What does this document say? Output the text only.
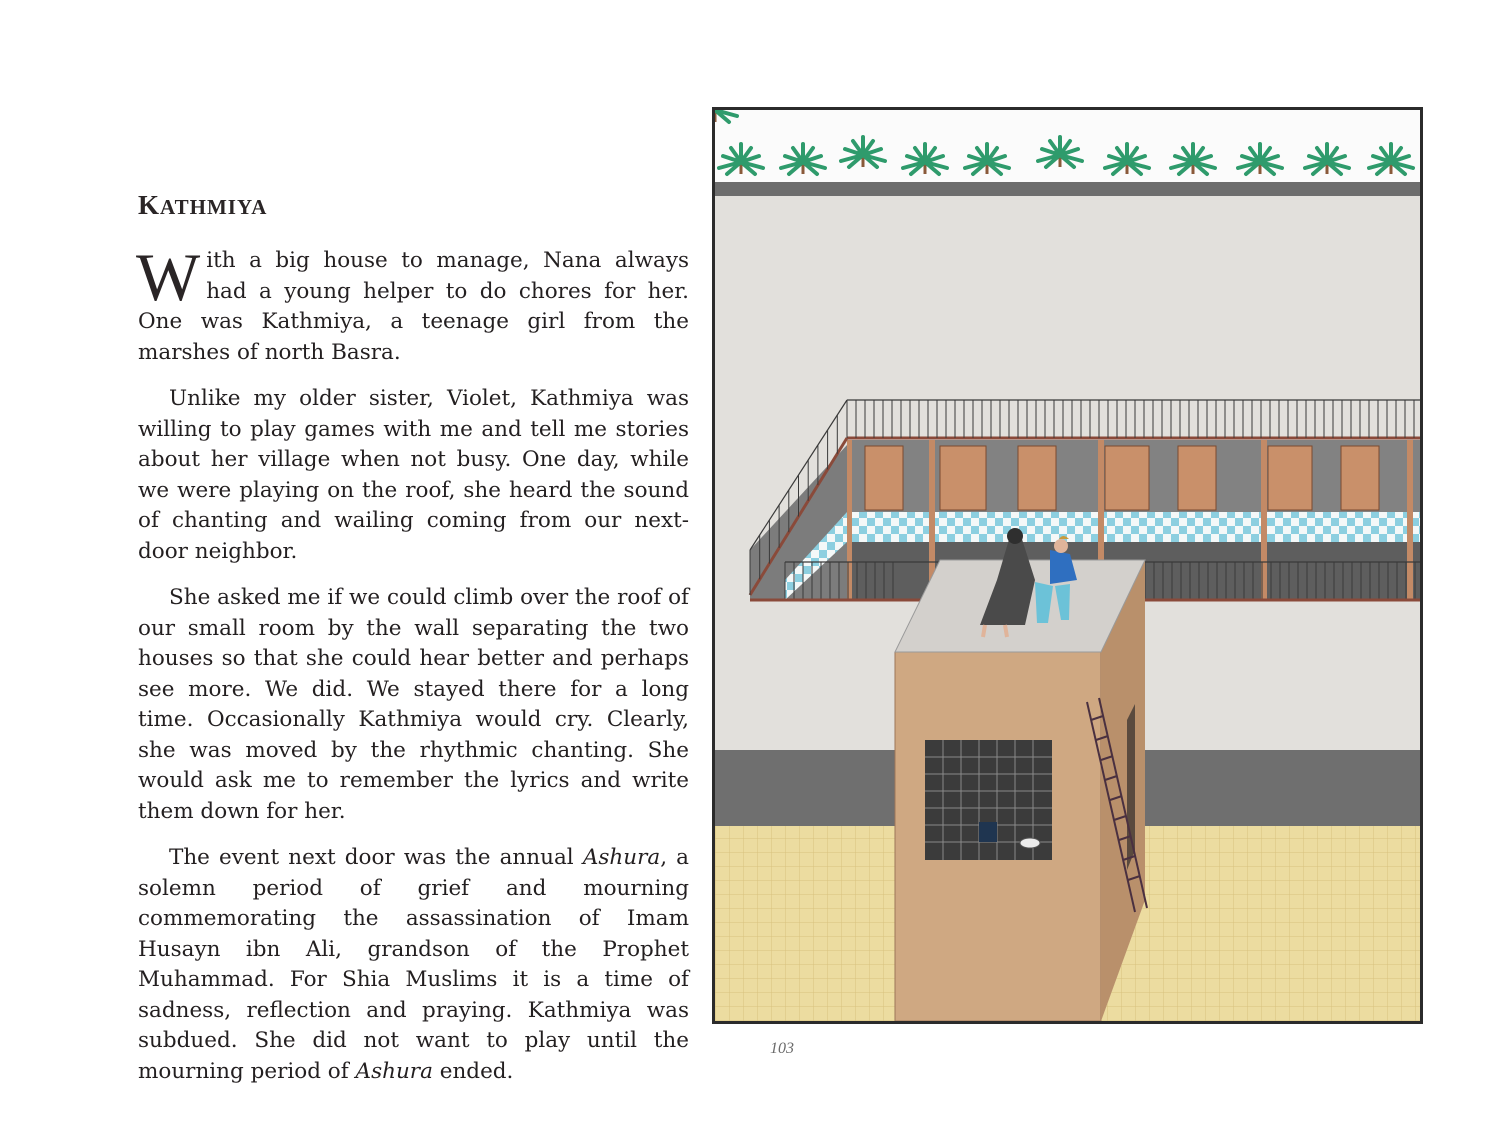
KATHMIYA

With a big house to manage, Nana always had a young helper to do chores for her. One was Kathmiya, a teenage girl from the marshes of north Basra.

Unlike my older sister, Violet, Kathmiya was willing to play games with me and tell me stories about her village when not busy. One day, while we were playing on the roof, she heard the sound of chanting and wailing coming from our next-door neighbor.

She asked me if we could climb over the roof of our small room by the wall separating the two houses so that she could hear better and perhaps see more. We did. We stayed there for a long time. Occasionally Kathmiya would cry. Clearly, she was moved by the rhythmic chanting. She would ask me to remember the lyrics and write them down for her.

The event next door was the annual Ashura, a solemn period of grief and mourning commemorating the assassination of Imam Husayn ibn Ali, grandson of the Prophet Muhammad. For Shia Muslims it is a time of sadness, reflection and praying. Kathmiya was subdued. She did not want to play until the mourning period of Ashura ended.

103
